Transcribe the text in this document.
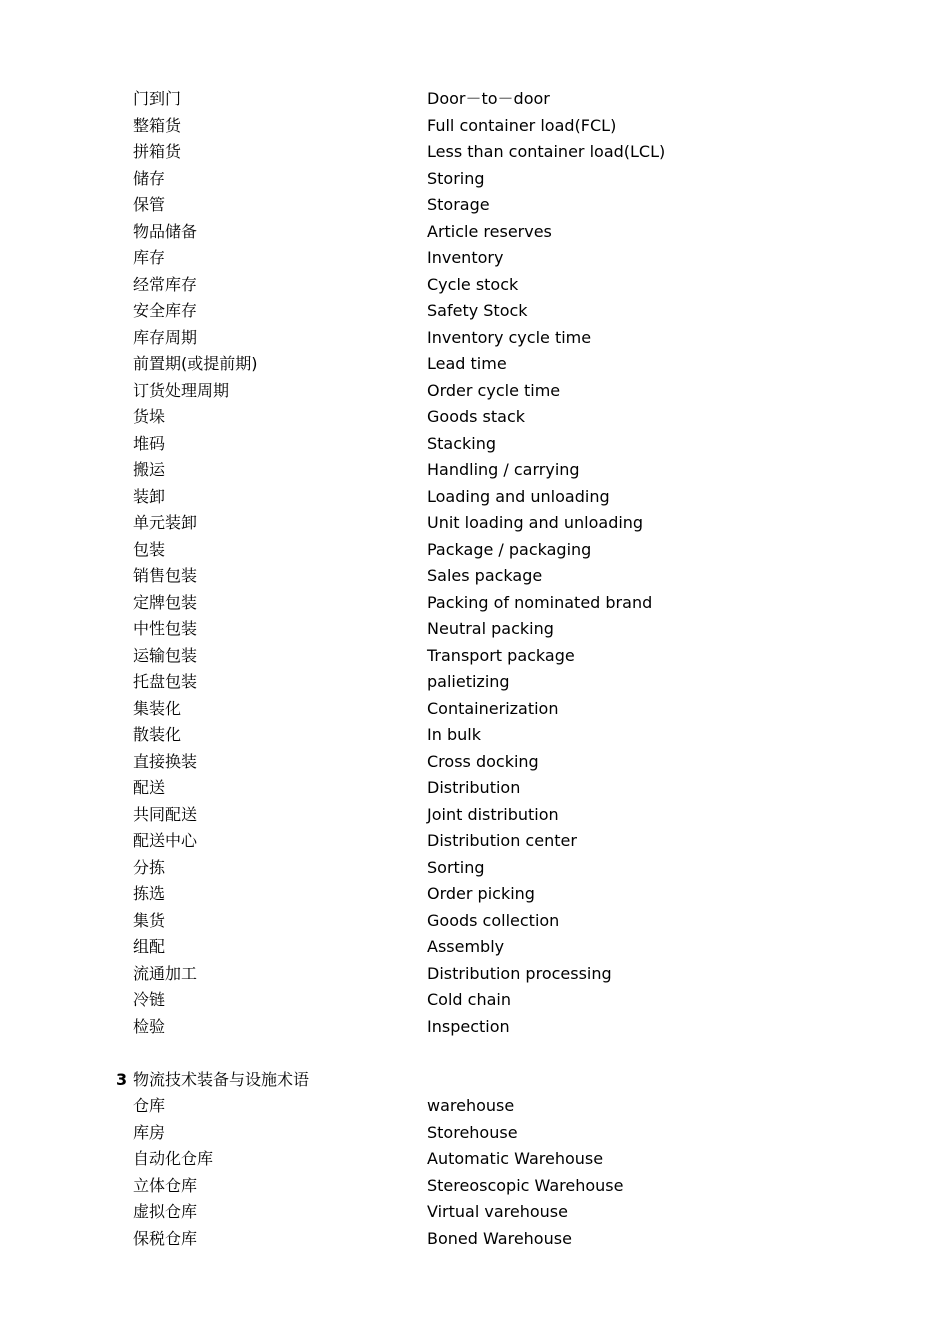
门到门	Door－to－door
整箱货	Full container load(FCL)
拼箱货	Less than container load(LCL)
储存	Storing
保管	Storage
物品储备	Article reserves
库存	Inventory
经常库存	Cycle stock
安全库存	Safety Stock
库存周期	Inventory cycle time
前置期(或提前期)	Lead time
订货处理周期	Order cycle time
货垛	Goods stack
堆码	Stacking
搬运	Handling / carrying
装卸	Loading and unloading
单元装卸	Unit loading and unloading
包装	Package / packaging
销售包装	Sales package
定牌包装	Packing of nominated brand
中性包装	Neutral packing
运输包装	Transport package
托盘包装	palietizing
集装化	Containerization
散装化	In bulk
直接换装	Cross docking
配送	Distribution
共同配送	Joint distribution
配送中心	Distribution center
分拣	Sorting
拣选	Order picking
集货	Goods collection
组配	Assembly
流通加工	Distribution processing
冷链	Cold chain
检验	Inspection
3 物流技术装备与设施术语
仓库	warehouse
库房	Storehouse
自动化仓库	Automatic Warehouse
立体仓库	Stereoscopic Warehouse
虚拟仓库	Virtual varehouse
保税仓库	Boned Warehouse
